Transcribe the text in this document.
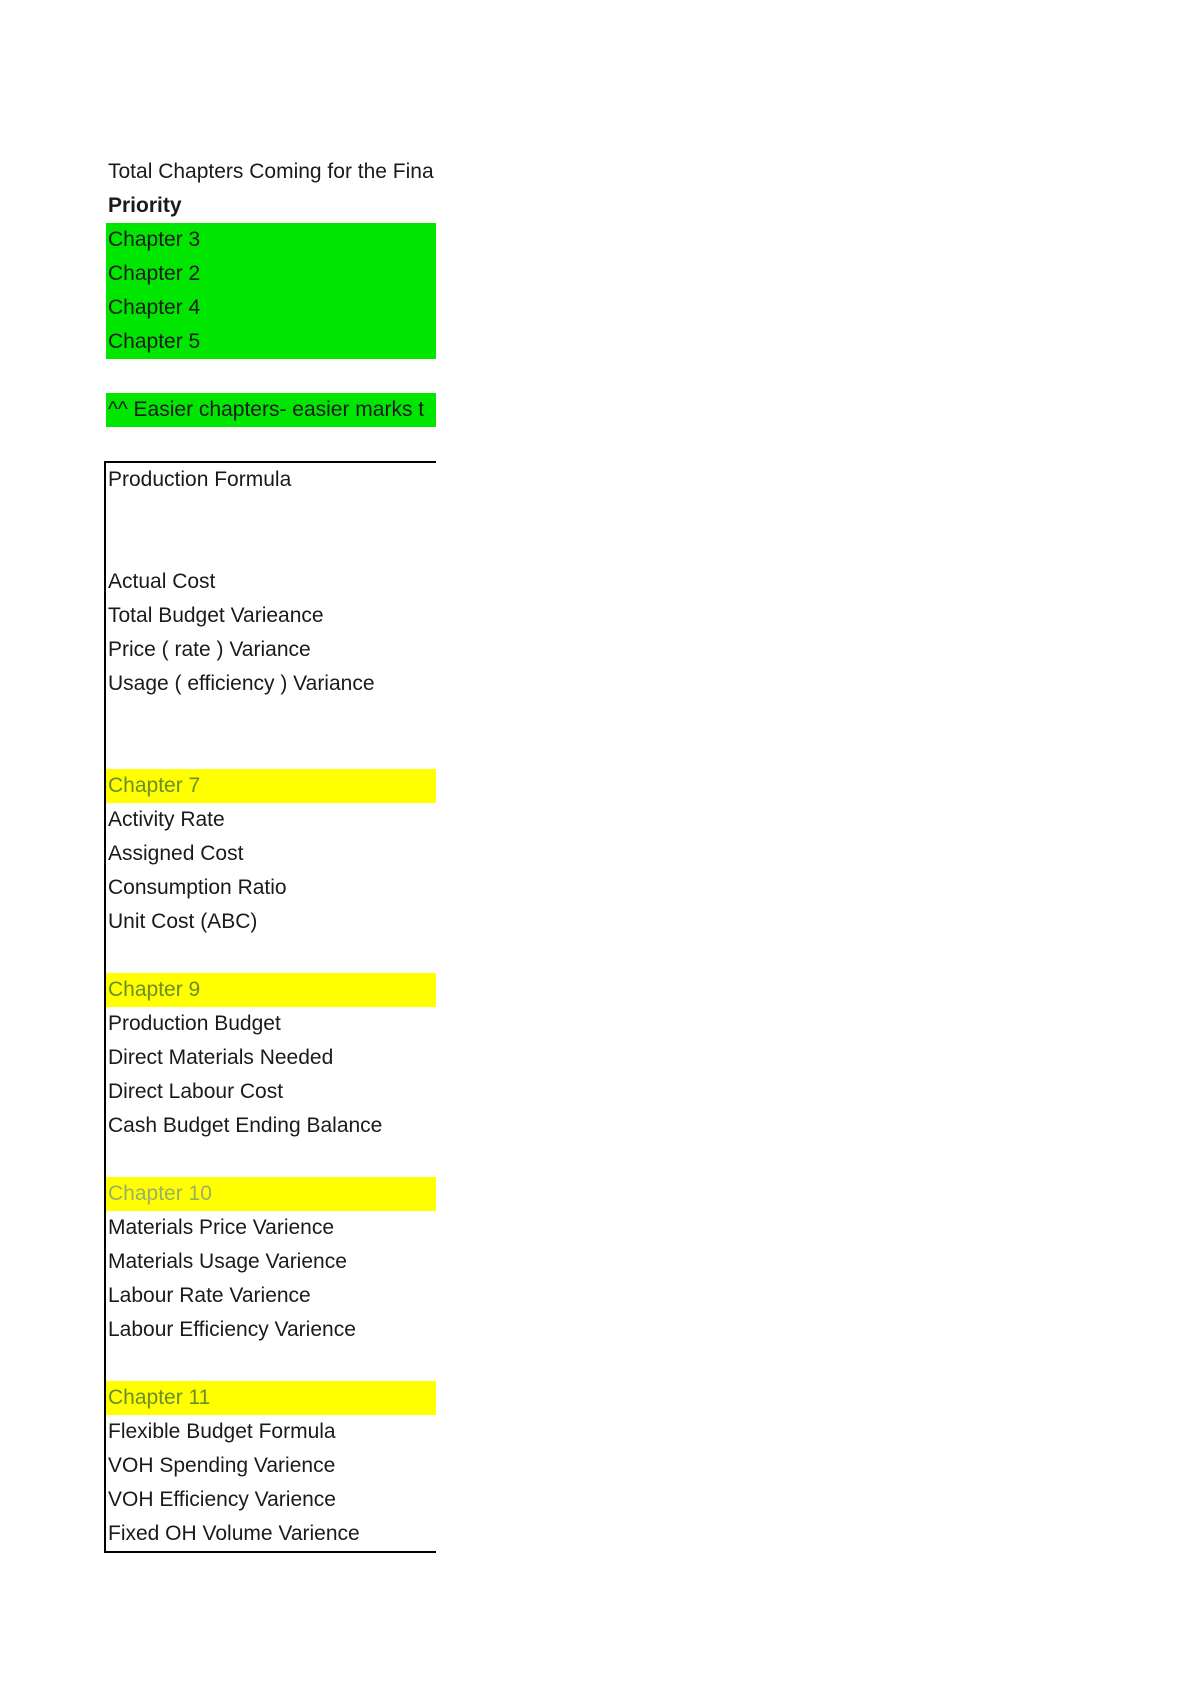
Total Chapters Coming for the Fina
Priority
Chapter 3
Chapter 2
Chapter 4
Chapter 5
^^ Easier chapters- easier marks t
Production Formula
Actual Cost
Total Budget Varieance
Price ( rate ) Variance
Usage ( efficiency ) Variance
Chapter 7
Activity Rate
Assigned Cost
Consumption Ratio
Unit Cost (ABC)
Chapter 9
Production Budget
Direct Materials Needed
Direct Labour Cost
Cash Budget Ending Balance
Chapter 10
Materials Price Varience
Materials Usage Varience
Labour Rate Varience
Labour Efficiency Varience
Chapter 11
Flexible Budget Formula
VOH Spending Varience
VOH Efficiency Varience
Fixed OH Volume Varience
